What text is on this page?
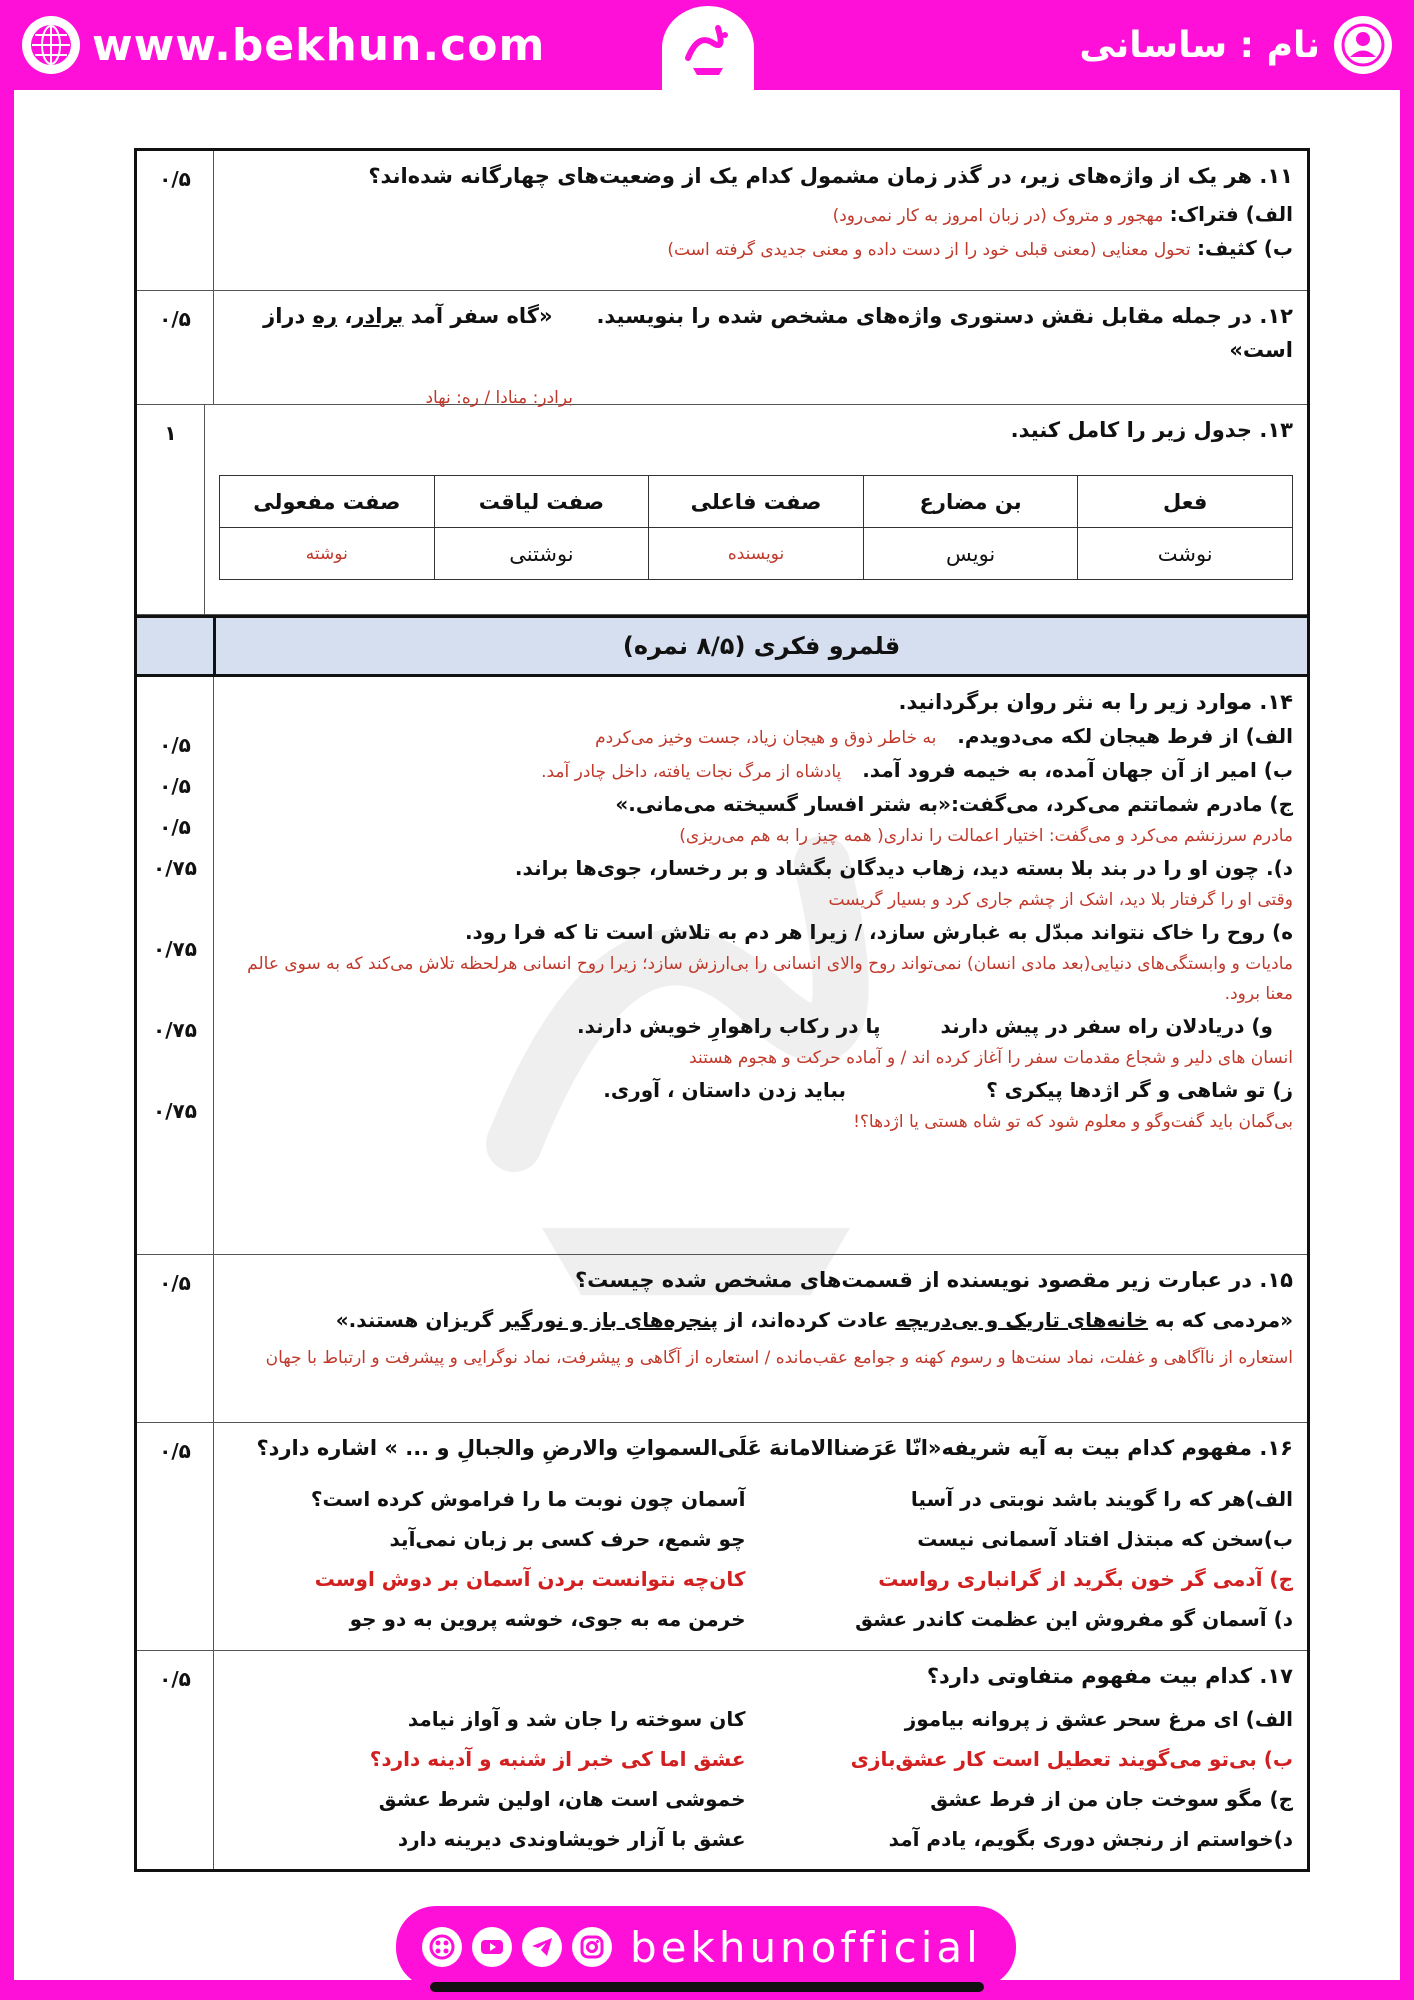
www.bekhun.com	نام : ساسانی
۱۱. هر یک از واژه‌های زیر، در گذر زمان مشمول کدام یک از وضعیت‌های چهارگانه شده‌اند؟
الف) فتراک: مهجور و متروک (در زبان امروز به کار نمی‌رود)
ب) کثیف: تحول معنایی (معنی قبلی خود را از دست داده و معنی جدیدی گرفته است)
۰/۵
۱۲. در جمله مقابل نقش دستوری واژه‌های مشخص شده را بنویسید.      «گاه سفر آمد برادر، ره دراز است»
برادر: منادا / ره: نهاد
۰/۵
۱۳. جدول زیر را کامل کنید.
فعل	بن مضارع	صفت فاعلی	صفت لیاقت	صفت مفعولی
نوشت	نویس	نویسنده	نوشتنی	نوشته
۱
قلمرو فکری (۸/۵ نمره)
۱۴. موارد زیر را به نثر روان برگردانید.
الف) از فرط هیجان لکه می‌دویدم.   به خاطر ذوق و هیجان زیاد، جست وخیز می‌کردم
ب) امیر از آن جهان آمده، به خیمه فرود آمد.   پادشاه از مرگ نجات یافته، داخل چادر آمد.
ج) مادرم شماتتم می‌کرد، می‌گفت:«به شتر افسار گسیخته می‌مانی.»
مادرم سرزنشم می‌کرد و می‌گفت: اختیار اعمالت را نداری( همه چیز را به هم می‌ریزی)
د). چون او را در بند بلا بسته دید، زهاب دیدگان بگشاد و بر رخسار، جوی‌ها براند.
وقتی او را گرفتار بلا دید، اشک از چشم جاری کرد و بسیار گریست
ه) روح را خاک نتواند مبدّل به غبارش سازد، / زیرا هر دم به تلاش است تا که فرا رود.
مادیات و وابستگی‌های دنیایی(بعد مادی انسان) نمی‌تواند روح والای انسانی را بی‌ارزش سازد؛ زیرا روح انسانی هرلحظه تلاش می‌کند که به سوی عالم معنا برود.
و) دریادلان راه سفر در پیش دارند
پا در رکاب راهوارِ خویش دارند.
انسان های دلیر و شجاع مقدمات سفر را آغاز کرده اند / و آماده حرکت و هجوم هستند
ز) تو شاهی و گر اژدها پیکری ؟
بباید زدن داستان ، آوری.
بی‌گمان باید گفت‌وگو و معلوم شود که تو شاه هستی یا اژدها؟!
۰/۵
۰/۵
۰/۵
۰/۷۵
۰/۷۵
۰/۷۵
۰/۷۵
۱۵. در عبارت زیر مقصود نویسنده از قسمت‌های مشخص شده چیست؟
«مردمی که به خانه‌های تاریک و بی‌دریچه عادت کرده‌اند، از پنجره‌های باز و نورگیر گریزان هستند.»
استعاره از ناآگاهی و غفلت، نماد سنت‌ها و رسوم کهنه و جوامع عقب‌مانده / استعاره از آگاهی و پیشرفت، نماد نوگرایی و پیشرفت و ارتباط با جهان
۰/۵
۱۶. مفهوم کدام بیت به آیه شریفه«انّا عَرَضنا‌الامانهَ عَلَی‌السمواتِ والارضِ والجبالِ و ... » اشاره دارد؟
الف)هر که را گویند باشد نوبتی در آسیا
آسمان چون نوبت ما را فراموش کرده است؟
ب)سخن که مبتذل افتاد آسمانی نیست
چو شمع، حرف کسی بر زبان نمی‌آید
ج) آدمی گر خون بگرید از گرانباری رواست
کان‌چه نتوانست بردن آسمان بر دوش اوست
د) آسمان گو مفروش این عظمت کاندر عشق
خرمن مه به جوی، خوشه پروین به دو جو
۰/۵
۱۷. کدام بیت مفهوم متفاوتی دارد؟
الف) ای مرغ سحر عشق ز پروانه بیاموز
کان سوخته را جان شد و آواز نیامد
ب) بی‌تو می‌گویند تعطیل است کار عشق‌بازی
عشق اما کی خبر از شنبه و آدینه دارد؟
ج) مگو سوخت جان من از فرط عشق
خموشی است هان، اولین شرط عشق
د)خواستم از رنجش دوری بگویم، یادم آمد
عشق با آزار خویشاوندی دیرینه دارد
۰/۵
bekhunofficial
